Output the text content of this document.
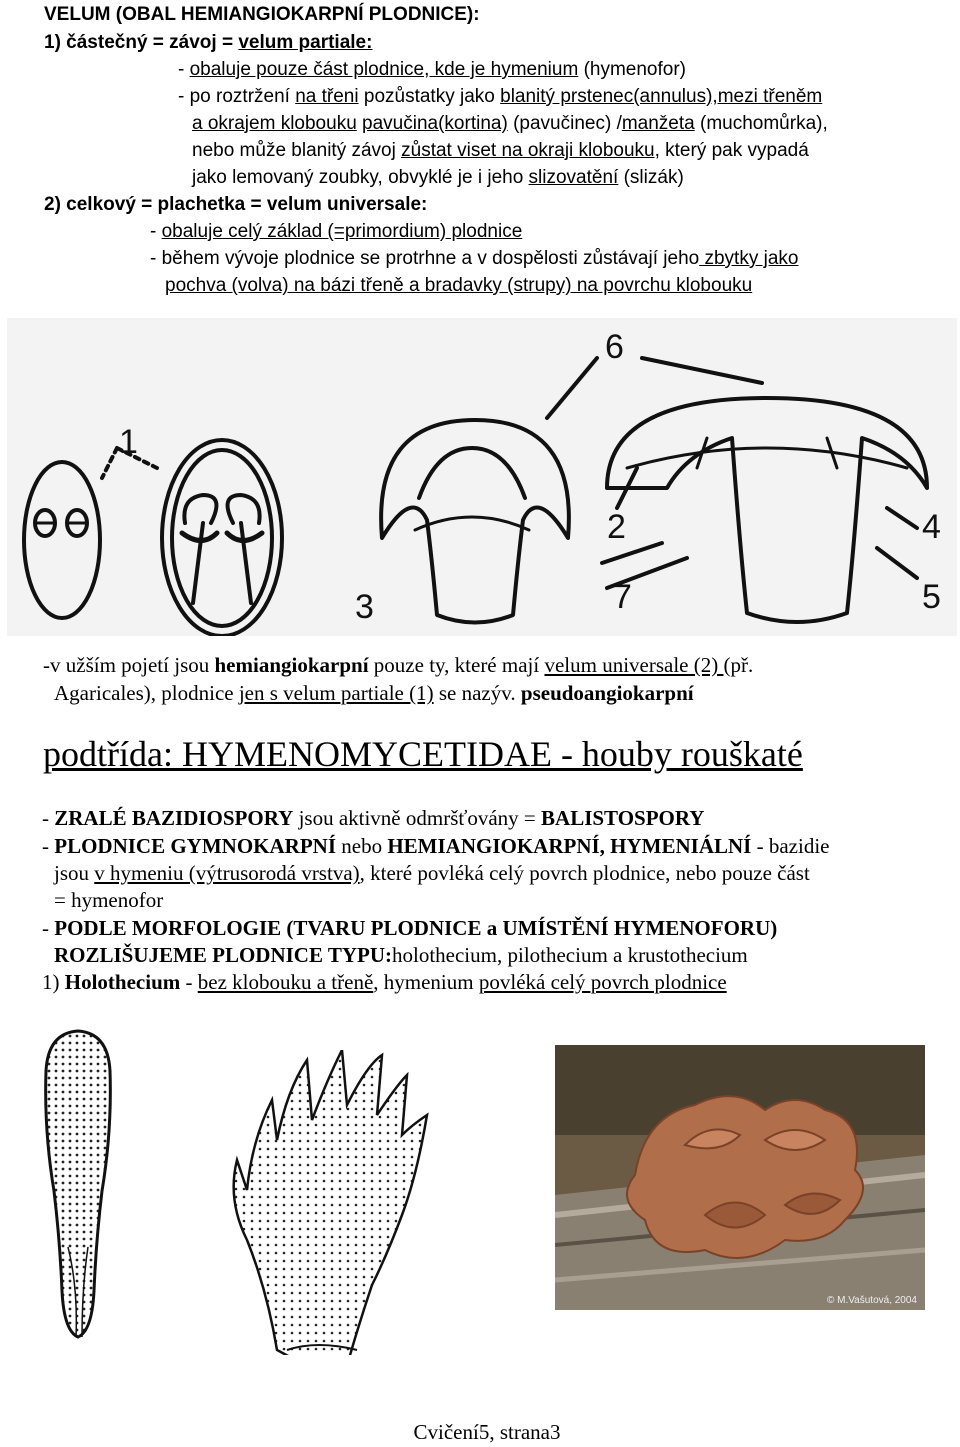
VELUM (OBAL HEMIANGIOKARPNÍ PLODNICE):
1) částečný = závoj = velum partiale:
- obaluje pouze část plodnice, kde je hymenium (hymenofor)
- po roztržení na třeni pozůstatky jako blanitý prstenec(annulus),mezi třeněm
a okrajem klobouku pavučina(kortina) (pavučinec) /manžeta (muchomůrka),
nebo může blanitý závoj zůstat viset na okraji klobouku, který pak vypadá
jako lemovaný zoubky, obvyklé je i jeho slizovatění (slizák)
2) celkový = plachetka = velum universale:
- obaluje celý základ (=primordium) plodnice
- během vývoje plodnice se protrhne a v dospělosti zůstávají jeho zbytky jako
pochva (volva) na bázi třeně a bradavky (strupy) na povrchu klobouku
1
2
3
4
5
6
7
-v užším pojetí jsou hemiangiokarpní pouze ty, které mají velum universale (2) (př.
Agaricales), plodnice jen s velum partiale (1) se nazýv. pseudoangiokarpní
podtřída: HYMENOMYCETIDAE - houby rouškaté
- ZRALÉ BAZIDIOSPORY jsou aktivně odmršťovány = BALISTOSPORY
- PLODNICE GYMNOKARPNÍ nebo HEMIANGIOKARPNÍ, HYMENIÁLNÍ - bazidie
jsou v hymeniu (výtrusorodá vrstva), které povléká celý povrch plodnice, nebo pouze část
= hymenofor
- PODLE MORFOLOGIE (TVARU PLODNICE a UMÍSTĚNÍ HYMENOFORU)
ROZLIŠUJEME PLODNICE TYPU:holothecium, pilothecium a krustothecium
1) Holothecium - bez klobouku a třeně, hymenium povléká celý povrch plodnice
© M.Vašutová, 2004
Cvičení5, strana3
